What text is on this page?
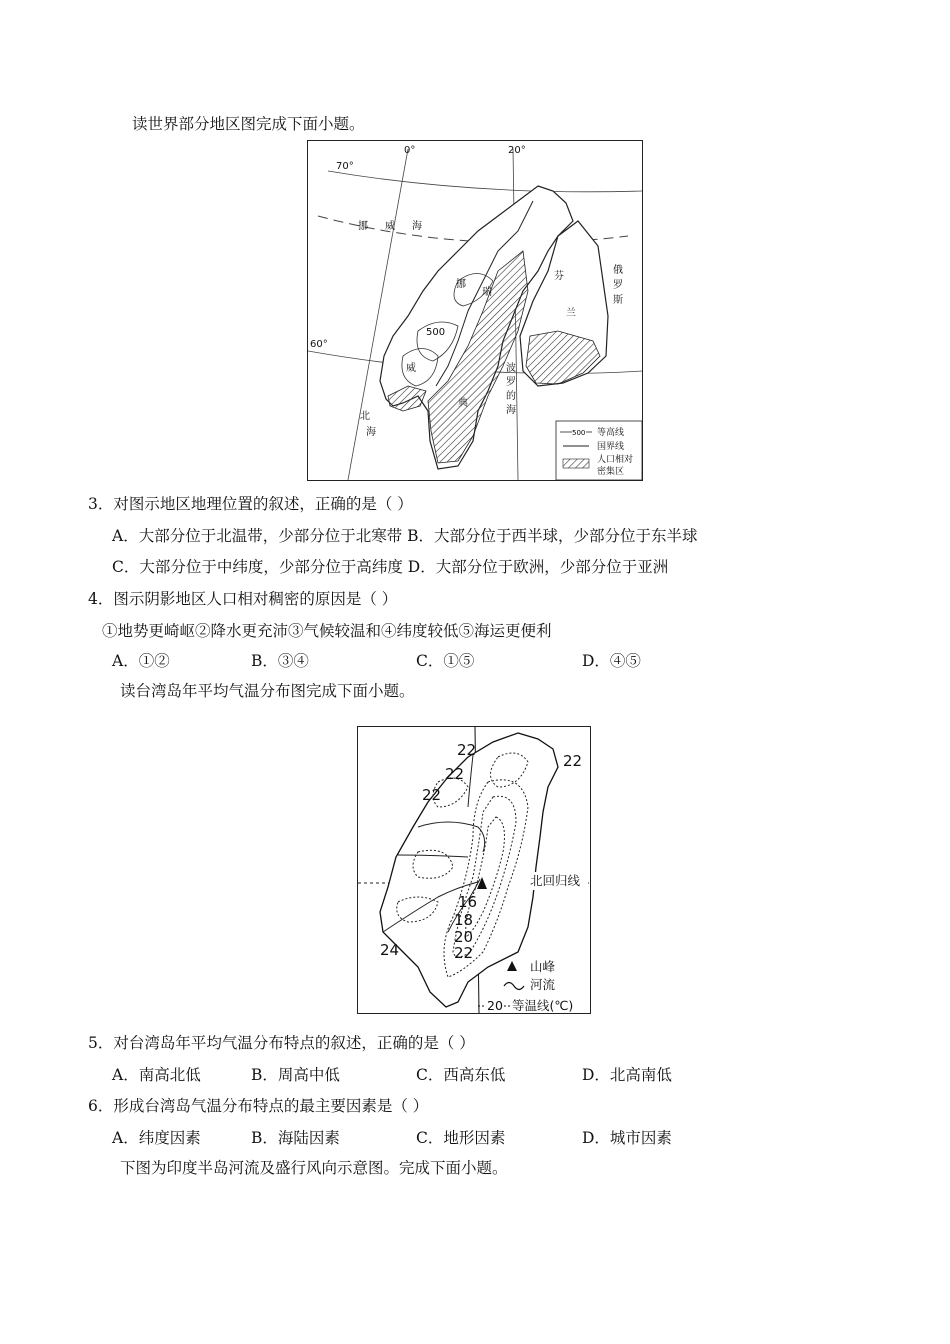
读世界部分地区图完成下面小题。
500
70°
60°
0°	20°
挪 威 海
挪
威
瑞
典
芬
兰
俄
罗
斯
波
罗
的
海
北
海	500 等高线
国界线
人口相对
密集区
3．对图示地区地理位置的叙述，正确的是（ ）
A．大部分位于北温带，少部分位于北寒带 B．大部分位于西半球，少部分位于东半球
C．大部分位于中纬度，少部分位于高纬度 D．大部分位于欧洲，少部分位于亚洲
4．图示阴影地区人口相对稠密的原因是（ ）
①地势更崎岖②降水更充沛③气候较温和④纬度较低⑤海运更便利
A．①②	B．③④	C．①⑤	D．④⑤
读台湾岛年平均气温分布图完成下面小题。
22
22
22
22
16
18
20
22
24
北回归线
山峰
河流
20 等温线(℃)
5．对台湾岛年平均气温分布特点的叙述，正确的是（ ）
A．南高北低	B．周高中低	C．西高东低	D．北高南低
6．形成台湾岛气温分布特点的最主要因素是（ ）
A．纬度因素	B．海陆因素	C．地形因素	D．城市因素
下图为印度半岛河流及盛行风向示意图。完成下面小题。
